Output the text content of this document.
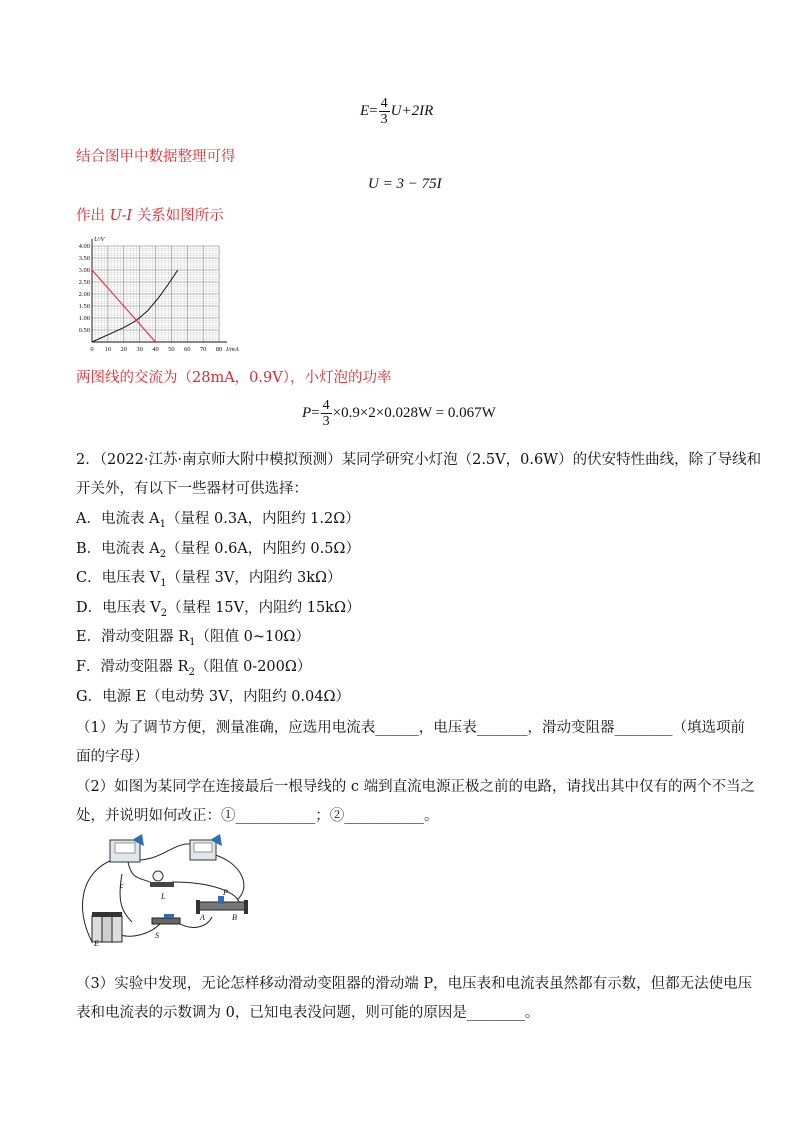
$E= \frac{4}{3} U+2IR$
结合图甲中数据整理可得
U = 3 − 75I
作出 U-I 关系如图所示
0 10 20 30 40 50 60 70 80
4.00
3.50
3.00
2.50
2.00
1.50
1.00
0.50
I/mA
U/V
两图线的交流为（28mA，0.9V），小灯泡的功率
$P= \frac{4}{3} \times 0.9\times 2\times 0.028W = 0.067W$
2．（2022·江苏·南京师大附中模拟预测）某同学研究小灯泡（2.5V，0.6W）的伏安特性曲线，除了导线和
开关外，有以下一些器材可供选择：
A．电流表 $A_1$（量程 0.3A，内阻约 1.2Ω）
B．电流表 $A_2$（量程 0.6A，内阻约 0.5Ω）
C．电压表 $V_1$（量程 3V，内阻约 3kΩ）
D．电压表 $V_2$（量程 15V，内阻约 15kΩ）
E．滑动变阻器 $R_1$（阻值 0~10Ω）
F．滑动变阻器 $R_2$（阻值 0-200Ω）
G．电源 E（电动势 3V，内阻约 0.04Ω）
（1）为了调节方便，测量准确，应选用电流表______，电压表_______，滑动变阻器________（填选项前
面的字母）
（2）如图为某同学在连接最后一根导线的 c 端到直流电源正极之前的电路，请找出其中仅有的两个不当之
处，并说明如何改正：①___________；②___________。
c
L
S
E
P
A	B
（3）实验中发现，无论怎样移动滑动变阻器的滑动端 P，电压表和电流表虽然都有示数，但都无法使电压
表和电流表的示数调为 0，已知电表没问题，则可能的原因是________。
